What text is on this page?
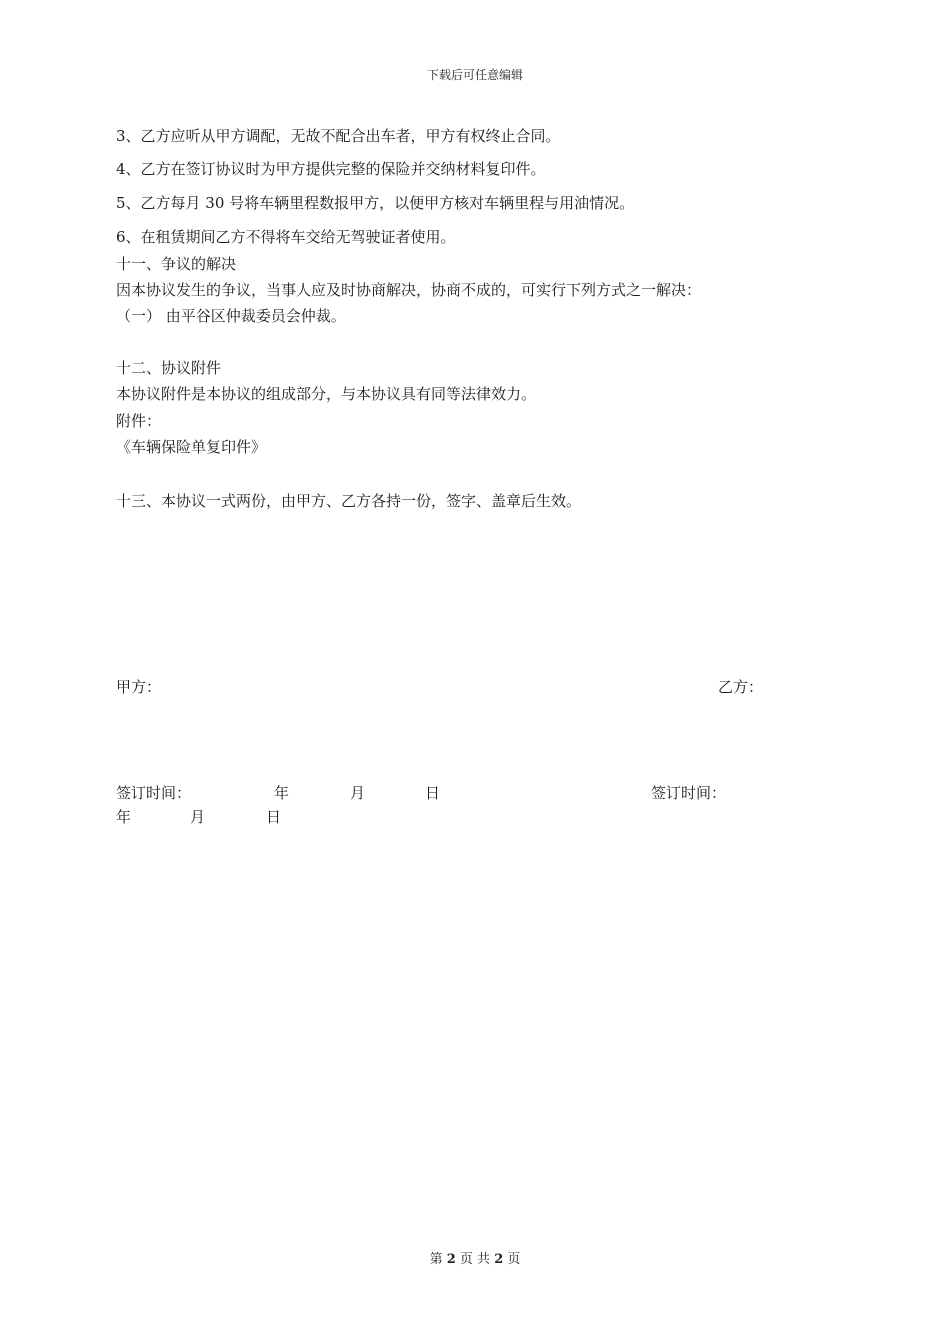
下载后可任意编辑
3、乙方应听从甲方调配，无故不配合出车者，甲方有权终止合同。
4、乙方在签订协议时为甲方提供完整的保险并交纳材料复印件。
5、乙方每月 30 号将车辆里程数报甲方，以便甲方核对车辆里程与用油情况。
6、在租赁期间乙方不得将车交给无驾驶证者使用。
十一、争议的解决
因本协议发生的争议，当事人应及时协商解决，协商不成的，可实行下列方式之一解决：
（一） 由平谷区仲裁委员会仲裁。
十二、协议附件
本协议附件是本协议的组成部分，与本协议具有同等法律效力。
附件：
《车辆保险单复印件》
十三、本协议一式两份，由甲方、乙方各持一份，签字、盖章后生效。
甲方：	乙方：
签订时间：	年	月	日	签订时间：
年	月	日
第 2 页 共 2 页
